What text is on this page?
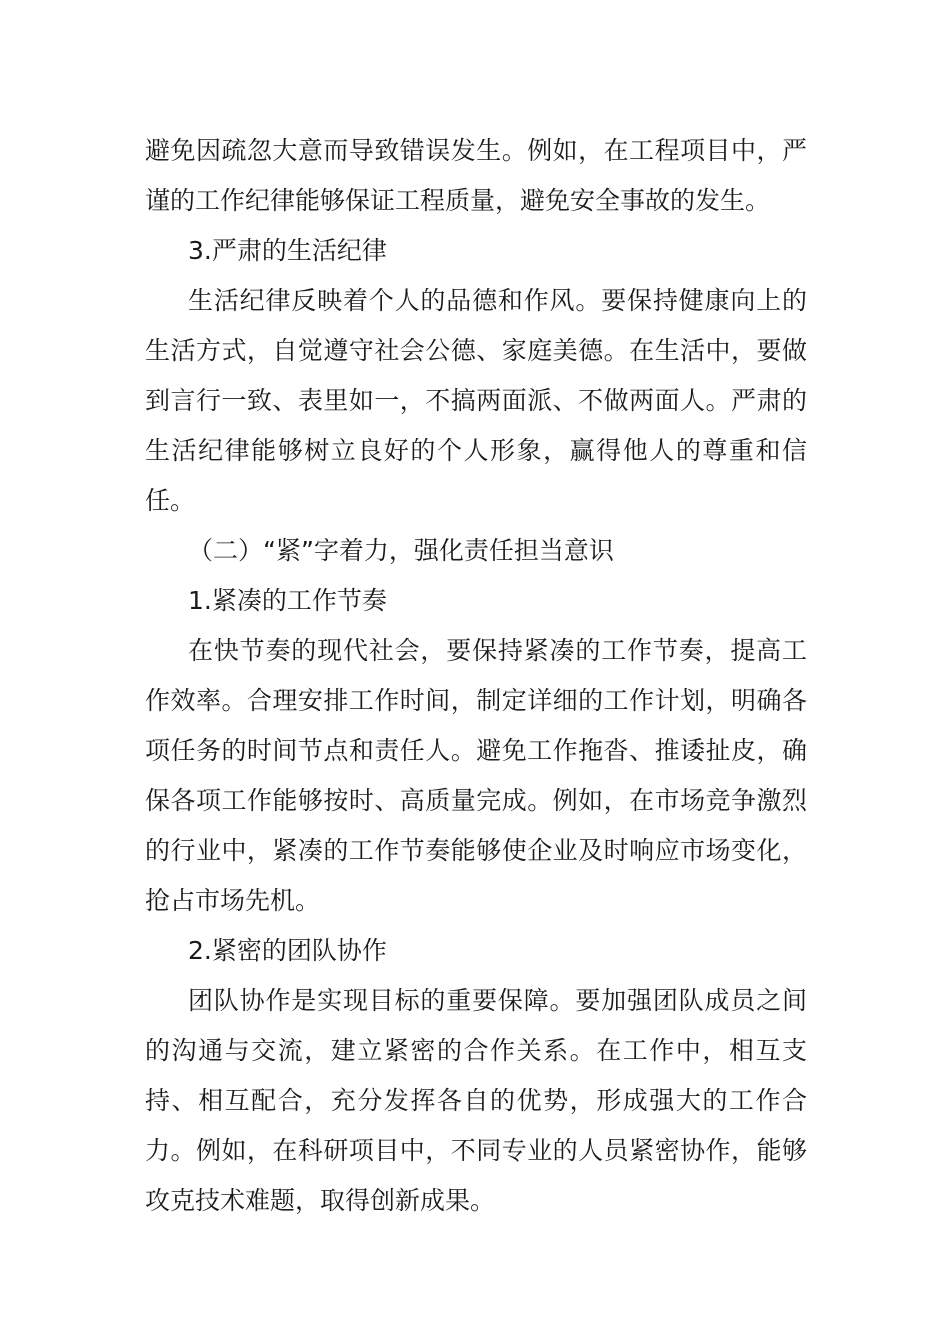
避免因疏忽大意而导致错误发生。例如，在工程项目中，严谨的工作纪律能够保证工程质量，避免安全事故的发生。

3.严肃的生活纪律

生活纪律反映着个人的品德和作风。要保持健康向上的生活方式，自觉遵守社会公德、家庭美德。在生活中，要做到言行一致、表里如一，不搞两面派、不做两面人。严肃的生活纪律能够树立良好的个人形象，赢得他人的尊重和信任。

（二）“紧”字着力，强化责任担当意识

1.紧凑的工作节奏

在快节奏的现代社会，要保持紧凑的工作节奏，提高工作效率。合理安排工作时间，制定详细的工作计划，明确各项任务的时间节点和责任人。避免工作拖沓、推诿扯皮，确保各项工作能够按时、高质量完成。例如，在市场竞争激烈的行业中，紧凑的工作节奏能够使企业及时响应市场变化，抢占市场先机。

2.紧密的团队协作

团队协作是实现目标的重要保障。要加强团队成员之间的沟通与交流，建立紧密的合作关系。在工作中，相互支持、相互配合，充分发挥各自的优势，形成强大的工作合力。例如，在科研项目中，不同专业的人员紧密协作，能够攻克技术难题，取得创新成果。
